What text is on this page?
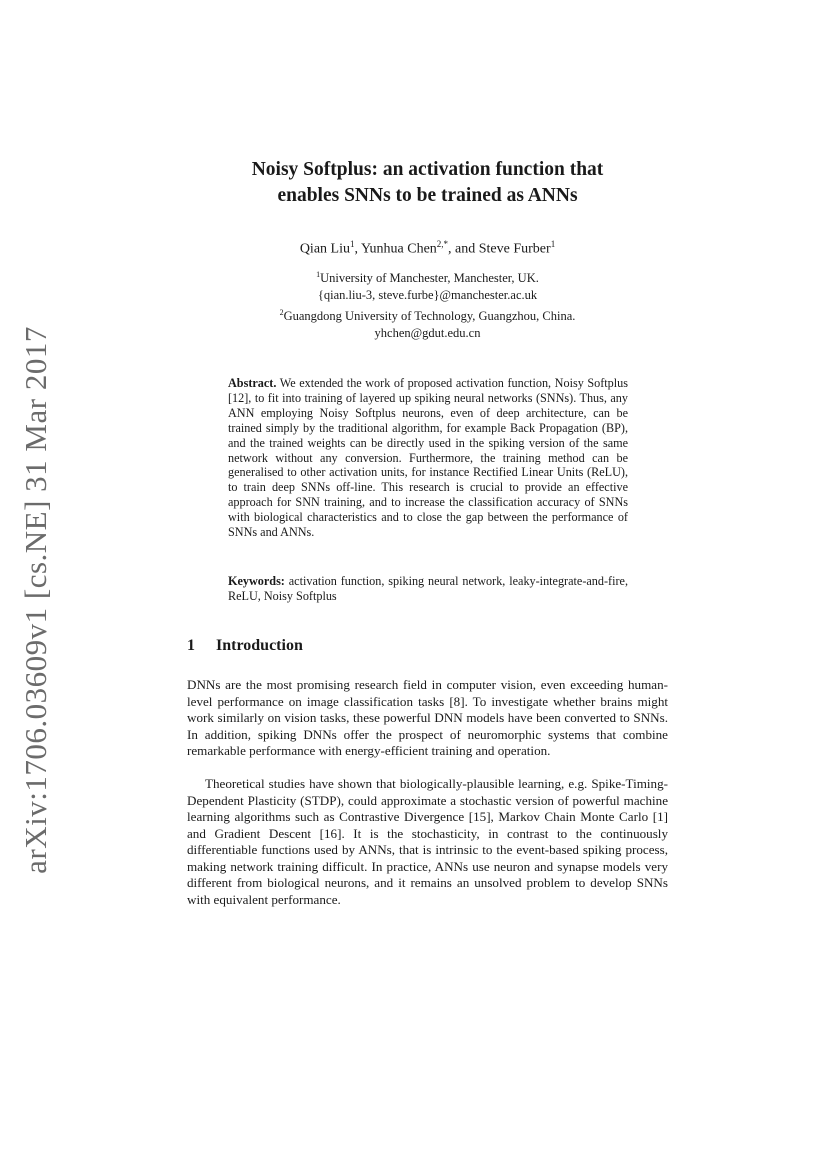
arXiv:1706.03609v1 [cs.NE] 31 Mar 2017
Noisy Softplus: an activation function that
enables SNNs to be trained as ANNs
Qian Liu$^1$, Yunhua Chen$^{2,*}$, and Steve Furber$^1$
$^1$University of Manchester, Manchester, UK.
{qian.liu-3, steve.furbe}@manchester.ac.uk
$^2$Guangdong University of Technology, Guangzhou, China.
yhchen@gdut.edu.cn
Abstract. We extended the work of proposed activation function, Noisy Softplus [12], to fit into training of layered up spiking neural networks (SNNs). Thus, any ANN employing Noisy Softplus neurons, even of deep architecture, can be trained simply by the traditional algorithm, for example Back Propagation (BP), and the trained weights can be directly used in the spiking version of the same network without any conversion. Furthermore, the training method can be generalised to other activation units, for instance Rectified Linear Units (ReLU), to train deep SNNs off-line. This research is crucial to provide an effective approach for SNN training, and to increase the classification accuracy of SNNs with biological characteristics and to close the gap between the performance of SNNs and ANNs.
Keywords: activation function, spiking neural network, leaky-integrate-and-fire, ReLU, Noisy Softplus
1 Introduction
DNNs are the most promising research field in computer vision, even exceeding human-level performance on image classification tasks [8]. To investigate whether brains might work similarly on vision tasks, these powerful DNN models have been converted to SNNs. In addition, spiking DNNs offer the prospect of neuromorphic systems that combine remarkable performance with energy-efficient training and operation.
Theoretical studies have shown that biologically-plausible learning, e.g. Spike-Timing-Dependent Plasticity (STDP), could approximate a stochastic version of powerful machine learning algorithms such as Contrastive Divergence [15], Markov Chain Monte Carlo [1] and Gradient Descent [16]. It is the stochasticity, in contrast to the continuously differentiable functions used by ANNs, that is intrinsic to the event-based spiking process, making network training difficult. In practice, ANNs use neuron and synapse models very different from biological neurons, and it remains an unsolved problem to develop SNNs with equivalent performance.
